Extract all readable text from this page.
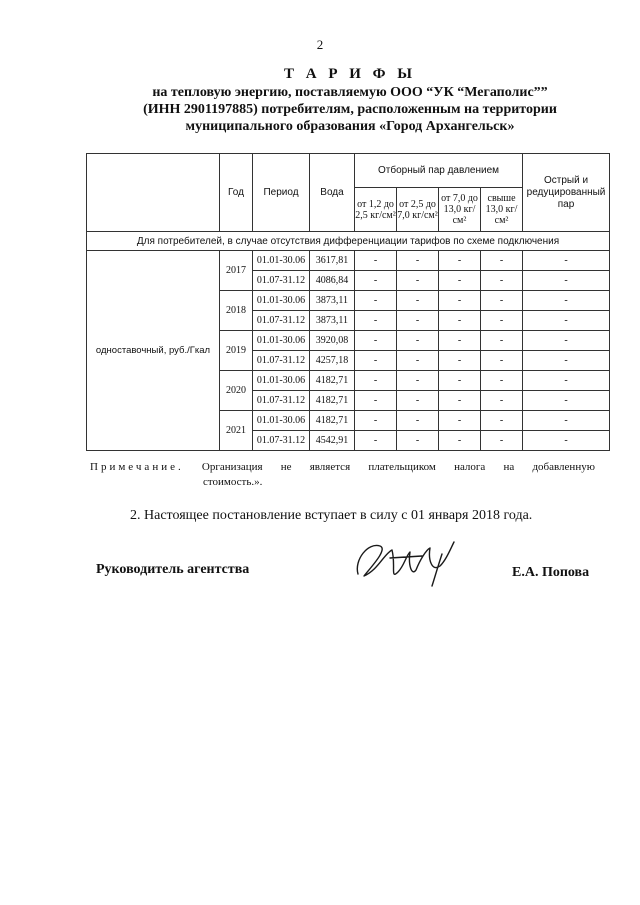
2
Т А Р И Ф Ы
на тепловую энергию, поставляемую ООО “УК “Мегаполис””
(ИНН 2901197885) потребителям, расположенным на территории
муниципального образования «Город Архангельск»
	Год	Период	Вода	Отборный пар давлением				Острый и редуцированный пар
				от 1,2 до 2,5 кг/см²	от 2,5 до 7,0 кг/см²	от 7,0 до 13,0 кг/см²	свыше 13,0 кг/см²	
Для потребителей, в случае отсутствия дифференциации тарифов по схеме подключения								
одноставочный, руб./Гкал	2017	01.01-30.06	3617,81	-	-	-	-	-
		01.07-31.12	4086,84	-	-	-	-	-
	2018	01.01-30.06	3873,11	-	-	-	-	-
		01.07-31.12	3873,11	-	-	-	-	-
	2019	01.01-30.06	3920,08	-	-	-	-	-
		01.07-31.12	4257,18	-	-	-	-	-
	2020	01.01-30.06	4182,71	-	-	-	-	-
		01.07-31.12	4182,71	-	-	-	-	-
	2021	01.01-30.06	4182,71	-	-	-	-	-
		01.07-31.12	4542,91	-	-	-	-	-
Примечание. Организация не является плательщиком налога на добавленную
стоимость.».
2. Настоящее постановление вступает в силу с 01 января 2018 года.
Руководитель агентства	Е.А. Попова
